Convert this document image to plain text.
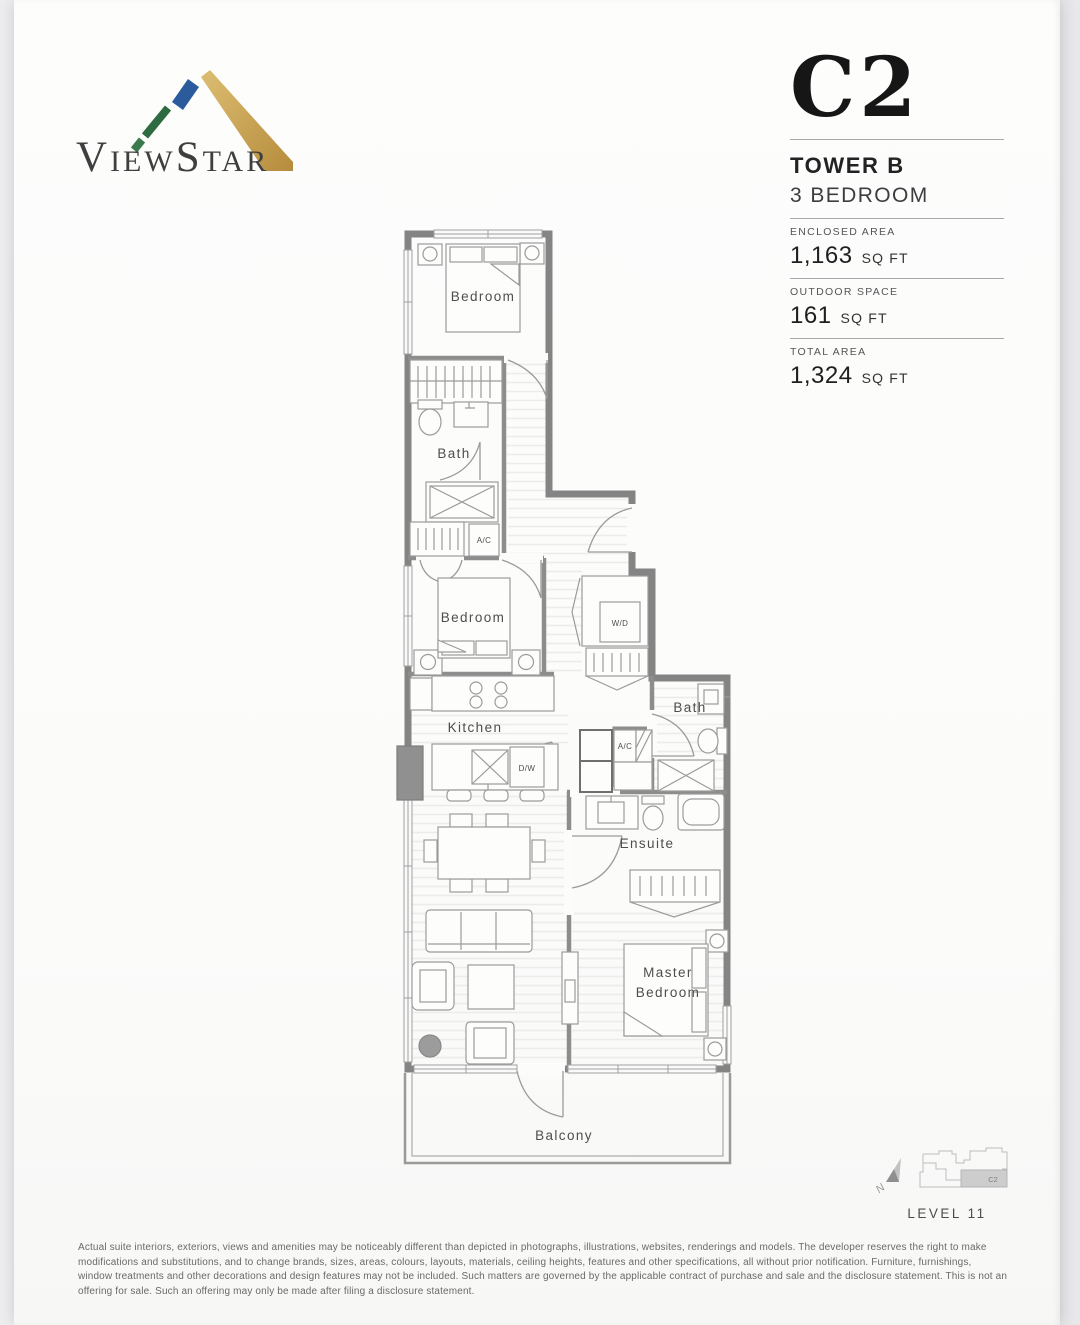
VIEWSTAR
C2
TOWER B
3 BEDROOM
ENCLOSED AREA
1,163 SQ FT
OUTDOOR SPACE
161 SQ FT
TOTAL AREA
1,324 SQ FT
Bedroom
Bath
A/C
Bedroom	W/D
Kitchen
D/W
A/C
Bath
Ensuite
Master
Bedroom
Balcony
N
C2
LEVEL 11
Actual suite interiors, exteriors, views and amenities may be noticeably different than depicted in photographs, illustrations, websites, renderings and models. The developer reserves the right to make modifications and substitutions, and to change brands, sizes, areas, colours, layouts, materials, ceiling heights, features and other specifications, all without prior notification. Furniture, furnishings, window treatments and other decorations and design features may not be included. Such matters are governed by the applicable contract of purchase and sale and the disclosure statement. This is not an offering for sale. Such an offering may only be made after filing a disclosure statement.
